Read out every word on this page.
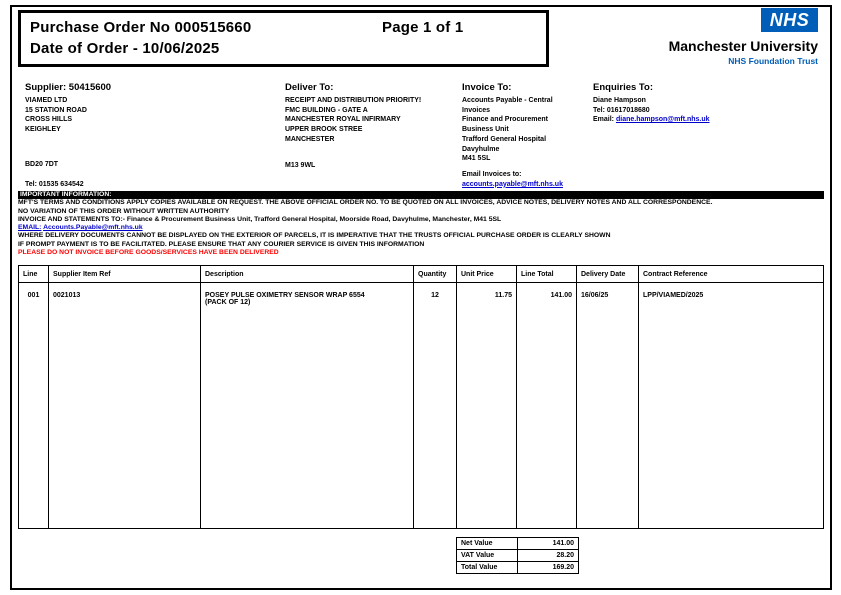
Purchase Order No 000515660	Page 1 of 1
Date of Order - 10/06/2025
NHS
Manchester University
NHS Foundation Trust
Supplier: 50415600
VIAMED LTD
15 STATION ROAD
CROSS HILLS
KEIGHLEY
BD20 7DT
Tel: 01535 634542
Deliver To:
RECEIPT AND DISTRIBUTION PRIORITY!
FMC BUILDING - GATE A
MANCHESTER ROYAL INFIRMARY
UPPER BROOK STREE
MANCHESTER
M13 9WL
Invoice To:
Accounts Payable - Central
Invoices
Finance and Procurement
Business Unit
Trafford General Hospital
Davyhulme
M41 5SL
Email Invoices to:
accounts.payable@mft.nhs.uk
Enquiries To:
Diane Hampson
Tel: 01617018680
Email: diane.hampson@mft.nhs.uk
IMPORTANT INFORMATION:
MFT'S TERMS AND CONDITIONS APPLY COPIES AVAILABLE ON REQUEST. THE ABOVE OFFICIAL ORDER NO. TO BE QUOTED ON ALL INVOICES, ADVICE NOTES, DELIVERY NOTES AND ALL CORRESPONDENCE.
NO VARIATION OF THIS ORDER WITHOUT WRITTEN AUTHORITY
INVOICE AND STATEMENTS TO:- Finance & Procurement Business Unit, Trafford General Hospital, Moorside Road, Davyhulme, Manchester, M41 5SL
EMAIL: Accounts.Payable@mft.nhs.uk
WHERE DELIVERY DOCUMENTS CANNOT BE DISPLAYED ON THE EXTERIOR OF PARCELS, IT IS IMPERATIVE THAT THE TRUSTS OFFICIAL PURCHASE ORDER IS CLEARLY SHOWN
IF PROMPT PAYMENT IS TO BE FACILITATED. PLEASE ENSURE THAT ANY COURIER SERVICE IS GIVEN THIS INFORMATION
PLEASE DO NOT INVOICE BEFORE GOODS/SERVICES HAVE BEEN DELIVERED
Line	Supplier Item Ref	Description	Quantity	Unit Price	Line Total	Delivery Date	Contract Reference
001	0021013	POSEY PULSE OXIMETRY SENSOR WRAP 6554
(PACK OF 12)	12	11.75	141.00	16/06/25	LPP/VIAMED/2025
Net Value	141.00
VAT Value	28.20
Total Value	169.20
